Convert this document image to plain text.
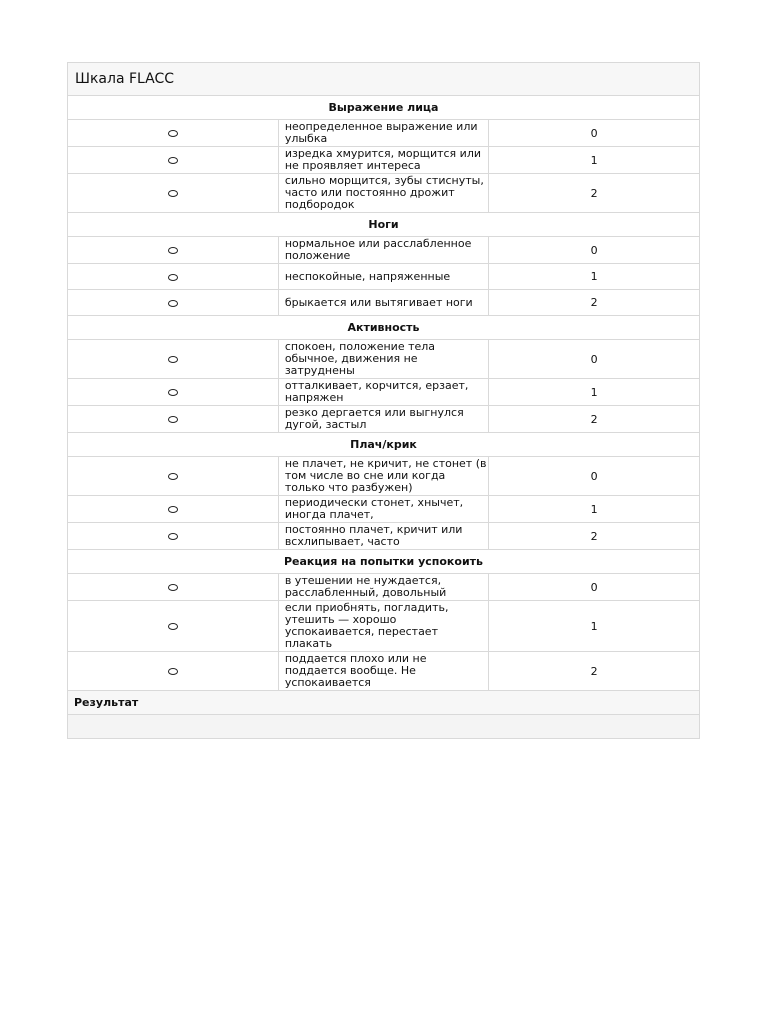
Шкала FLACC
Выражение лица		
	неопределенное выражение или улыбка	0
	изредка хмурится, морщится или не проявляет интереса	1
	сильно морщится, зубы стиснуты, часто или постоянно дрожит подбородок	2
Ноги		
	нормальное или расслабленное положение	0
	неспокойные, напряженные	1
	брыкается или вытягивает ноги	2
Активность		
	спокоен, положение тела обычное, движения не затруднены	0
	отталкивает, корчится, ерзает, напряжен	1
	резко дергается или выгнулся дугой, застыл	2
Плач/крик		
	не плачет, не кричит, не стонет (в том числе во сне или когда только что разбужен)	0
	периодически стонет, хнычет, иногда плачет,	1
	постоянно плачет, кричит или всхлипывает, часто	2
Реакция на попытки успокоить		
	в утешении не нуждается, расслабленный, довольный	0
	если приобнять, погладить, утешить — хорошо успокаивается, перестает плакать	1
	поддается плохо или не поддается вообще. Не успокаивается	2
Результат
